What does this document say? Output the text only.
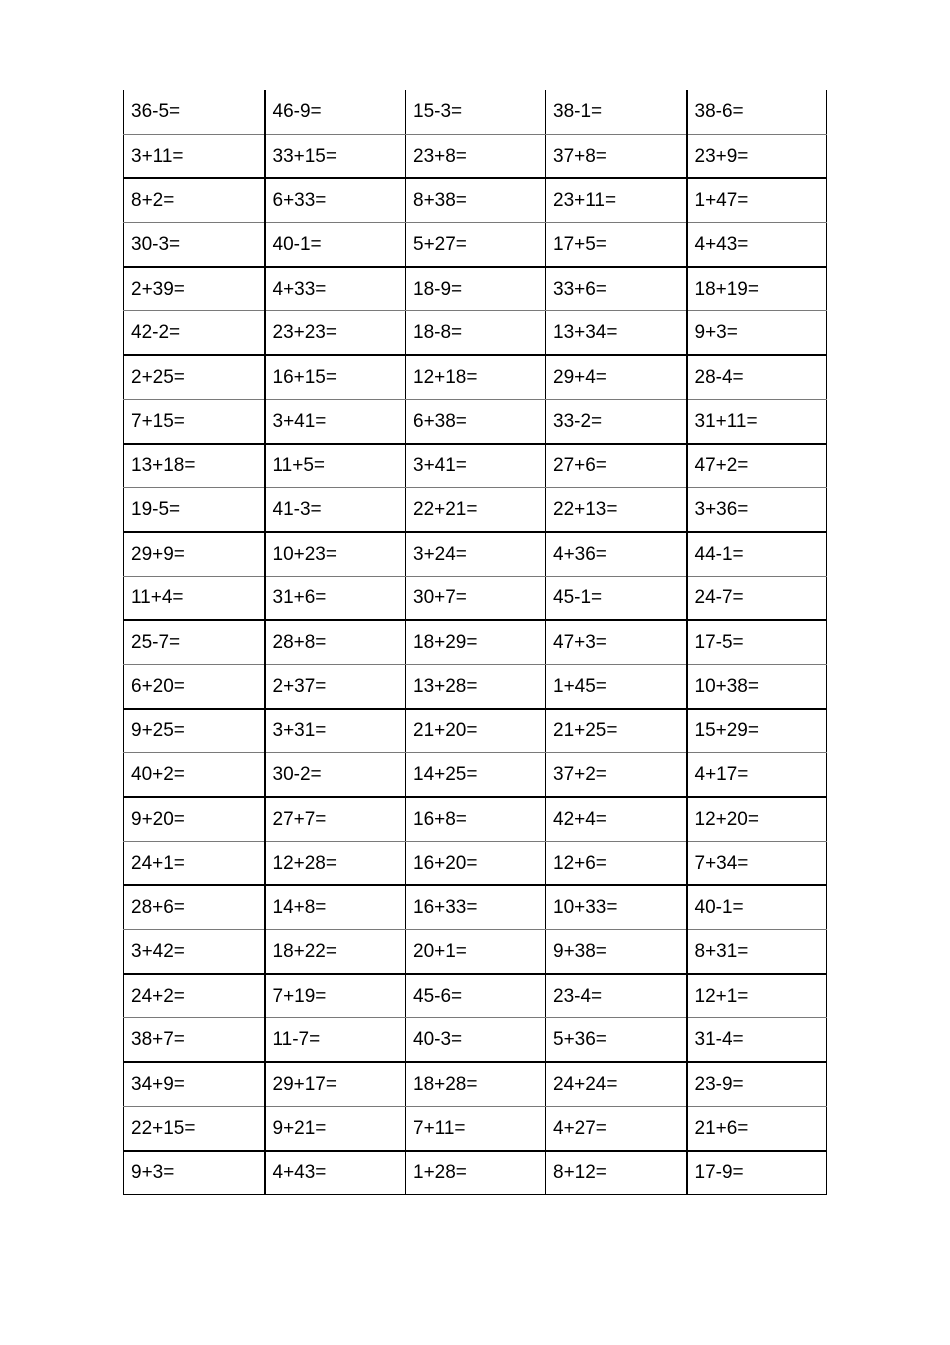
36-5=	46-9=	15-3=	38-1=	38-6=
3+11=	33+15=	23+8=	37+8=	23+9=
8+2=	6+33=	8+38=	23+11=	1+47=
30-3=	40-1=	5+27=	17+5=	4+43=
2+39=	4+33=	18-9=	33+6=	18+19=
42-2=	23+23=	18-8=	13+34=	9+3=
2+25=	16+15=	12+18=	29+4=	28-4=
7+15=	3+41=	6+38=	33-2=	31+11=
13+18=	11+5=	3+41=	27+6=	47+2=
19-5=	41-3=	22+21=	22+13=	3+36=
29+9=	10+23=	3+24=	4+36=	44-1=
11+4=	31+6=	30+7=	45-1=	24-7=
25-7=	28+8=	18+29=	47+3=	17-5=
6+20=	2+37=	13+28=	1+45=	10+38=
9+25=	3+31=	21+20=	21+25=	15+29=
40+2=	30-2=	14+25=	37+2=	4+17=
9+20=	27+7=	16+8=	42+4=	12+20=
24+1=	12+28=	16+20=	12+6=	7+34=
28+6=	14+8=	16+33=	10+33=	40-1=
3+42=	18+22=	20+1=	9+38=	8+31=
24+2=	7+19=	45-6=	23-4=	12+1=
38+7=	11-7=	40-3=	5+36=	31-4=
34+9=	29+17=	18+28=	24+24=	23-9=
22+15=	9+21=	7+11=	4+27=	21+6=
9+3=	4+43=	1+28=	8+12=	17-9=
